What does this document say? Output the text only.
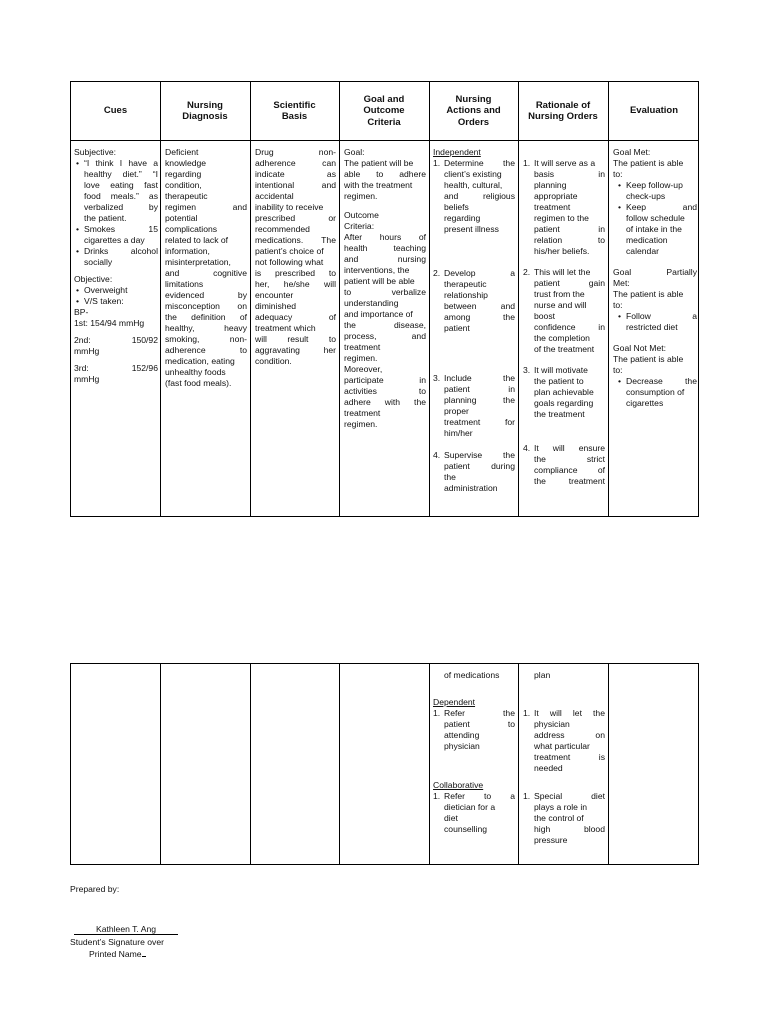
Cues
Nursing
Diagnosis
Scientific
Basis
Goal and
Outcome
Criteria
Nursing
Actions and
Orders
Rationale of
Nursing Orders
Evaluation

Subjective:

• “I think I have a
healthy diet.” “I
love eating fast
food meals.” as
verbalized by
the patient.
• Smokes 15
cigarettes a day
• Drinks alcohol
socially

Objective:

• Overweight
• V/S taken:

BP-

1st: 154/94 mmHg

2nd:	150/92

mmHg

3rd:	152/96

mmHg

Deficient
knowledge
regarding
condition,
therapeutic
regimen and
potential
complications
related to lack of
information,
misinterpretation,
and cognitive
limitations
evidenced by
misconception on
the definition of
healthy, heavy
smoking, non-
adherence to
medication, eating
unhealthy foods
(fast food meals).
Drug non-
adherence can
indicate as
intentional and
accidental
inability to receive
prescribed or
recommended
medications. The
patient’s choice of
not following what
is prescribed to
her, he/she will
encounter
diminished
adequacy of
treatment which
will result to
aggravating her
condition.
Goal:
The patient will be
able to adhere
with the treatment
regimen.
Outcome
Criteria:
After hours of
health teaching
and nursing
interventions, the
patient will be able
to verbalize
understanding
and importance of
the disease,
process, and
treatment
regimen.
Moreover,
participate in
activities to
adhere with the
treatment
regimen.
Independent
1. Determine the
client’s existing
health, cultural,
and religious
beliefs
regarding
present illness
2. Develop a
therapeutic
relationship
between and
among the
patient
3. Include the
patient in
planning the
proper
treatment for
him/her
4. Supervise the
patient during
the
administration
1. It will serve as a
basis in
planning
appropriate
treatment
regimen to the
patient in
relation to
his/her beliefs.
2. This will let the
patient gain
trust from the
nurse and will
boost
confidence in
the completion
of the treatment
3. It will motivate
the patient to
plan achievable
goals regarding
the treatment
4. It will ensure
the strict
compliance of
the treatment
Goal Met:
The patient is able
to:
• Keep follow-up
check-ups
• Keep and
follow schedule
of intake in the
medication
calendar
Goal Partially
Met:
The patient is able
to:
• Follow a
restricted diet
Goal Not Met:
The patient is able
to:
• Decrease the
consumption of
cigarettes
of medications
Dependent
1. Refer the
patient to
attending
physician
Collaborative
1. Refer to a
dietician for a
diet
counselling
plan
1. It will let the
physician
address on
what particular
treatment is
needed
1. Special diet
plays a role in
the control of
high blood
pressure
Prepared by:
Kathleen T. Ang
Student’s Signature over
Printed Name
